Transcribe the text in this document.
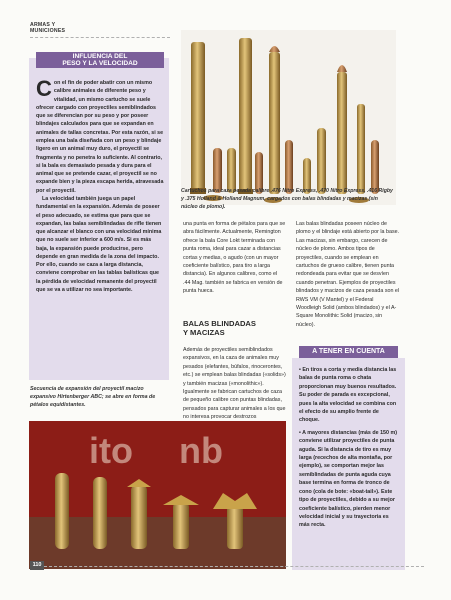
ARMAS Y
MUNICIONES
INFLUENCIA DEL
PESO Y LA VELOCIDAD
Con el fin de poder abatir con un mismo calibre animales de diferente peso y vitalidad, un mismo cartucho se suele ofrecer cargado con proyectiles semiblindados que se diferencian por su peso y por poseer blindajes calculados para que se expandan en animales de tallas concretas. Por esta razón, si se emplea una bala diseñada con un peso y blindaje ligero en un animal muy duro, el proyectil se fragmenta y no penetra lo suficiente. Al contrario, si la bala es demasiado pesada y dura para el animal que se pretende cazar, el proyectil se no expande bien y la pieza escapa herida, atravesada por el proyectil.
La velocidad también juega un papel fundamental en la expansión. Además de poseer el peso adecuado, se estima que para que se expandan, las balas semiblindadas de rifle tienen que alcanzar el blanco con una velocidad mínima que no suele ser inferior a 600 m/s. Si es más baja, la expansión puede producirse, pero depende en gran medida de la zona del impacto. Por ello, cuando se caza a larga distancia, conviene comprobar en las tablas balísticas que la pérdida de velocidad remanente del proyectil que se va a utilizar no sea importante.
Secuencia de expansión del proyectil macizo expansivo Hirtenberger ABC; se abre en forma de pétalos equidistantes.
Cartuchos para caza pesada calibre .476 Nitro Express, .470 Nitro Express, .416 Rigby y .375 Holland & Holland Magnum, cargados con balas blindadas y macizas (sin núcleo de plomo).
una punta en forma de pétalos para que se abra fácilmente. Actualmente, Remington ofrece la bala Core Lokt terminada con punta roma, ideal para cazar a distancias cortas y medias, o agudo (con un mayor coeficiente balístico, para tiro a larga distancia). En algunos calibres, como el .44 Mag. también se fabrica en versión de punta hueca.
BALAS BLINDADAS
Y MACIZAS
Además de proyectiles semiblindados expansivos, en la caza de animales muy pesados (elefantes, búfalos, rinocerontes, etc.) se emplean balas blindadas («solids») y también macizas («monolithic»). Igualmente se fabrican cartuchos de caza de pequeño calibre con puntas blindadas, pensados para capturar animales a los que no interesa provocar destrozos
Las balas blindadas poseen núcleo de plomo y el blindaje está abierto por la base. Las macizas, sin embargo, carecen de núcleo de plomo. Ambos tipos de proyectiles, cuando se emplean en cartuchos de grueso calibre, tienen punta redondeada para evitar que se desvíen cuando penetran. Ejemplos de proyectiles blindados y macizos de caza pesada son el RWS VM (V Mantel) y el Federal Woodleigh Solid (ambos blindados) y el A-Square Monolithic Solid (macizo, sin núcleo).
A TENER EN CUENTA

• En tiros a corta y media distancia las balas de punta roma o chata proporcionan muy buenos resultados. Su poder de parada es excepcional, pues la alta velocidad se combina con el efecto de su amplio frente de choque.

• A mayores distancias (más de 150 m) conviene utilizar proyectiles de punta aguda. Si la distancia de tiro es muy larga (recechos de alta montaña, por ejemplo), se comportan mejor las semiblindadas de punta aguda cuya base termina en forma de tronco de cono (cola de bote: «boat-tail»). Este tipo de proyectiles, debido a su mejor coeficiente balístico, pierden menor velocidad inicial y su trayectoria es más recta.

ito nb
110
